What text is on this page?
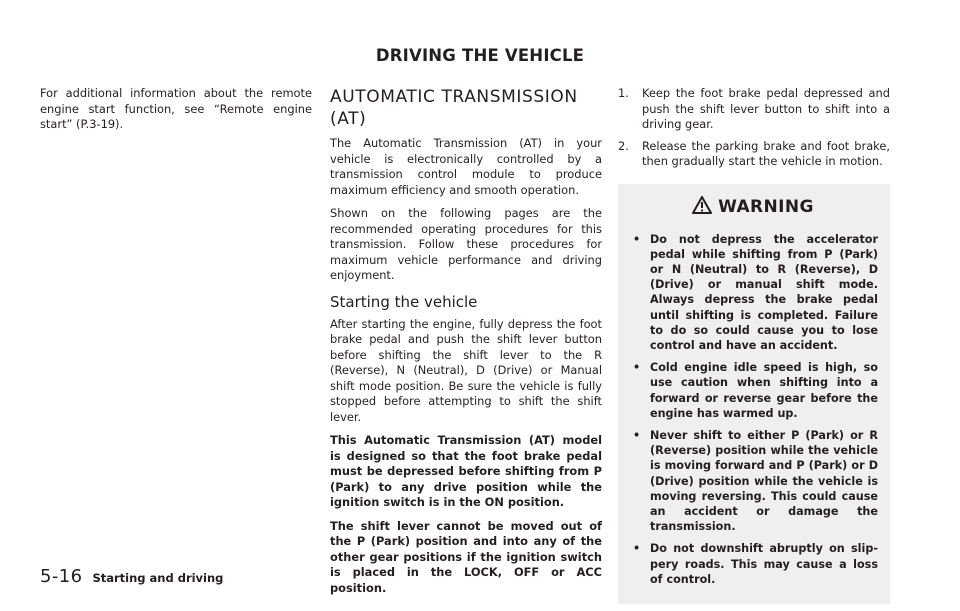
DRIVING THE VEHICLE

For additional information about the remote engine start function, see “Remote engine start” (P.3-19).

AUTOMATIC TRANSMISSION (AT)

The Automatic Transmission (AT) in your vehicle is electronically controlled by a transmission control module to produce maximum efficiency and smooth operation.

Shown on the following pages are the recommended operating procedures for this transmission. Follow these procedures for maximum vehicle performance and driving enjoyment.

Starting the vehicle

After starting the engine, fully depress the foot brake pedal and push the shift lever button before shifting the shift lever to the R (Reverse), N (Neutral), D (Drive) or Manual shift mode position. Be sure the vehicle is fully stopped before attempting to shift the shift lever.

This Automatic Transmission (AT) model is designed so that the foot brake pedal must be depressed before shifting from P (Park) to any drive position while the ignition switch is in the ON position.

The shift lever cannot be moved out of the P (Park) position and into any of the other gear positions if the ignition switch is placed in the LOCK, OFF or ACC position.

1. Keep the foot brake pedal depressed and push the shift lever button to shift into a driving gear.
2. Release the parking brake and foot brake, then gradually start the vehicle in motion.
WARNING
• Do not depress the accelerator pedal while shifting from P (Park) or N (Neutral) to R (Reverse), D (Drive) or manual shift mode. Always depress the brake pedal until shifting is completed. Failure to do so could cause you to lose control and have an accident.
• Cold engine idle speed is high, so use caution when shifting into a forward or reverse gear before the engine has warmed up.
• Never shift to either P (Park) or R (Reverse) position while the vehicle is moving forward and P (Park) or D (Drive) position while the vehicle is moving reversing. This could cause an accident or damage the transmission.
• Do not downshift abruptly on slip-pery roads. This may cause a loss of control.
5-16 Starting and driving
